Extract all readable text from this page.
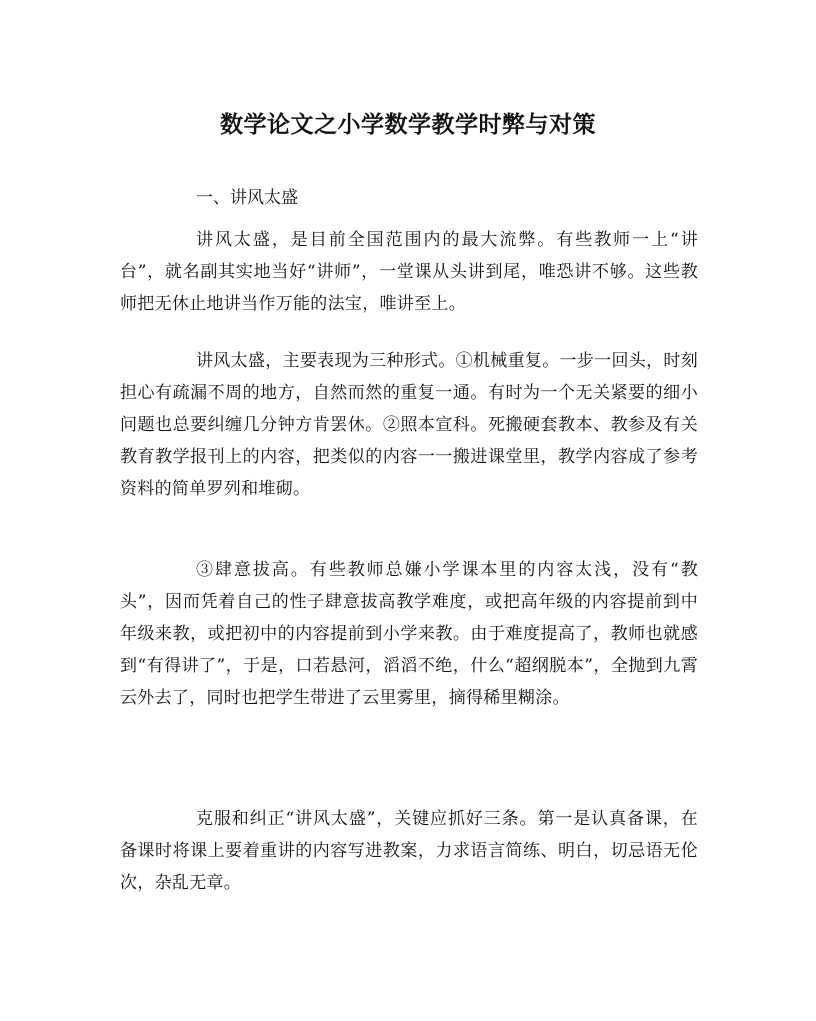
数学论文之小学数学教学时弊与对策
一、讲风太盛

讲风太盛，是目前全国范围内的最大流弊。有些教师一上“讲台”，就名副其实地当好“讲师”，一堂课从头讲到尾，唯恐讲不够。这些教师把无休止地讲当作万能的法宝，唯讲至上。

讲风太盛，主要表现为三种形式。①机械重复。一步一回头，时刻担心有疏漏不周的地方，自然而然的重复一通。有时为一个无关紧要的细小问题也总要纠缠几分钟方肯罢休。②照本宣科。死搬硬套教本、教参及有关教育教学报刊上的内容，把类似的内容一一搬进课堂里，教学内容成了参考资料的简单罗列和堆砌。

③肆意拔高。有些教师总嫌小学课本里的内容太浅，没有“教头”，因而凭着自己的性子肆意拔高教学难度，或把高年级的内容提前到中年级来教，或把初中的内容提前到小学来教。由于难度提高了，教师也就感到“有得讲了”，于是，口若悬河，滔滔不绝，什么“超纲脱本”，全抛到九霄云外去了，同时也把学生带进了云里雾里，摘得稀里糊涂。

克服和纠正“讲风太盛”，关键应抓好三条。第一是认真备课，在备课时将课上要着重讲的内容写进教案，力求语言简练、明白，切忌语无伦次，杂乱无章。
